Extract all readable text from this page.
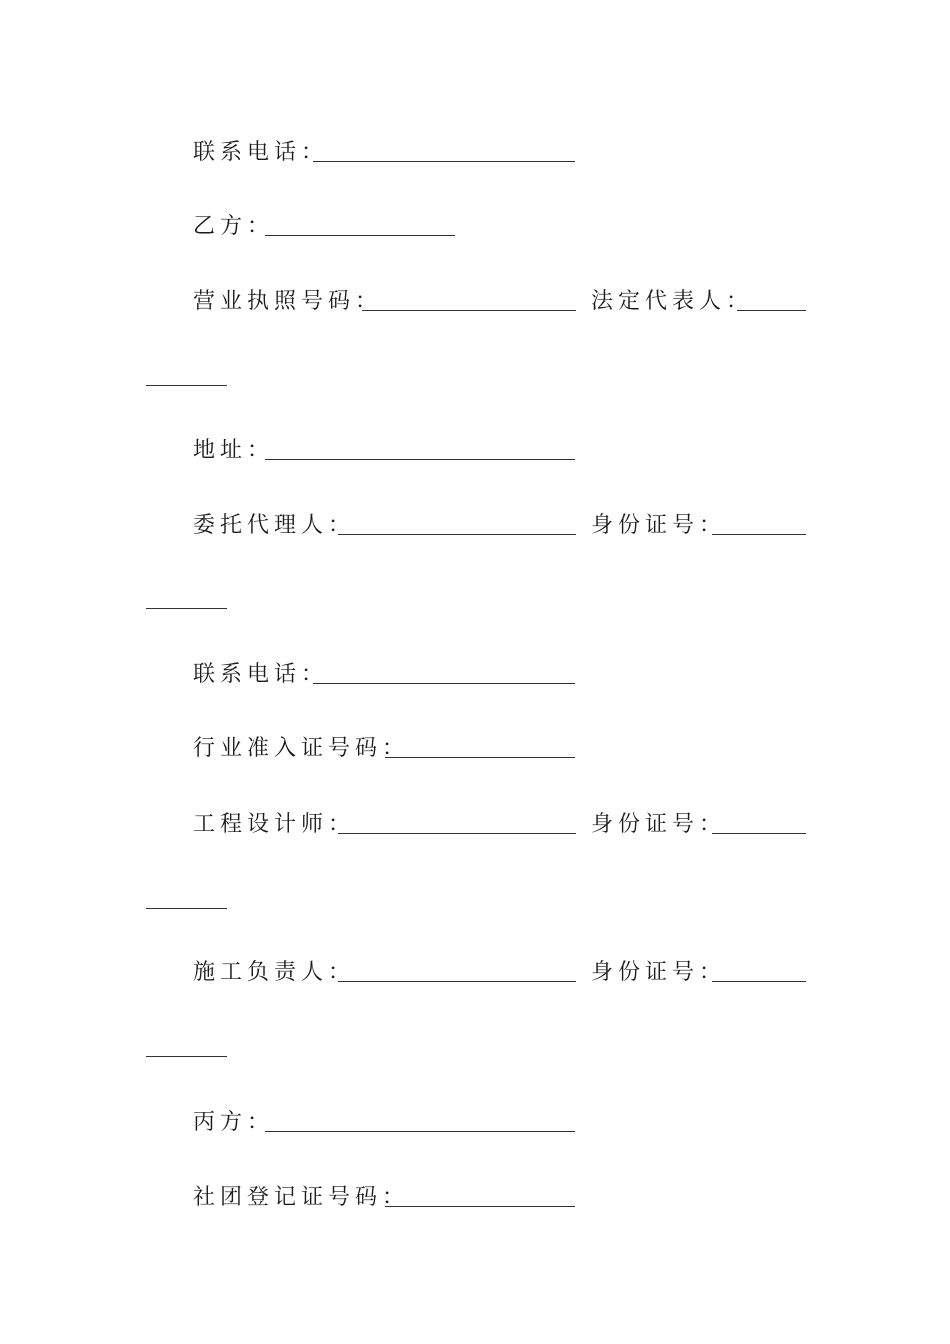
联系电话：
乙方：
营业执照号码：	法定代表人：
地址：
委托代理人：	身份证号：
联系电话：
行业准入证号码：
工程设计师：	身份证号：
施工负责人：	身份证号：
丙方：
社团登记证号码：
